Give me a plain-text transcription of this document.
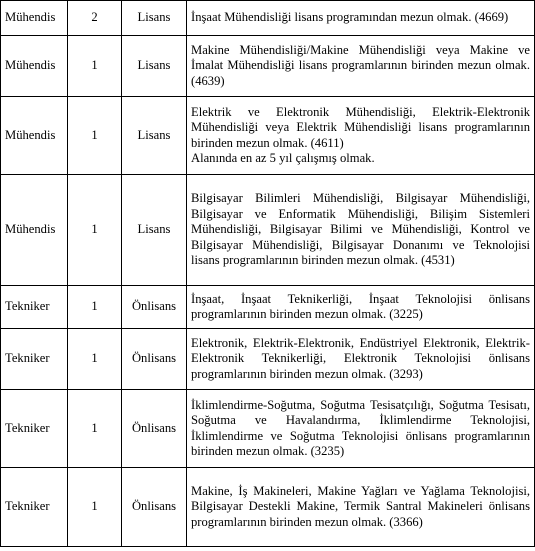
Mühendis	2	Lisans	İnşaat Mühendisliği lisans programından mezun olmak. (4669)

Mühendis	1	Lisans	Makine Mühendisliği/Makine Mühendisliği veya Makine ve İmalat Mühendisliği lisans programlarının birinden mezun olmak. (4639)

Mühendis	1	Lisans	Elektrik ve Elektronik Mühendisliği, Elektrik-Elektronik Mühendisliği veya Elektrik Mühendisliği lisans programlarının birinden mezun olmak. (4611)
Alanında en az 5 yıl çalışmış olmak.

Mühendis	1	Lisans	Bilgisayar Bilimleri Mühendisliği, Bilgisayar Mühendisliği, Bilgisayar ve Enformatik Mühendisliği, Bilişim Sistemleri Mühendisliği, Bilgisayar Bilimi ve Mühendisliği, Kontrol ve Bilgisayar Mühendisliği, Bilgisayar Donanımı ve Teknolojisi lisans programlarının birinden mezun olmak. (4531)

Tekniker	1	Önlisans	İnşaat, İnşaat Teknikerliği, İnşaat Teknolojisi önlisans programlarının birinden mezun olmak. (3225)

Tekniker	1	Önlisans	Elektronik, Elektrik-Elektronik, Endüstriyel Elektronik, Elektrik-Elektronik Teknikerliği, Elektronik Teknolojisi önlisans programlarının birinden mezun olmak. (3293)

Tekniker	1	Önlisans	İklimlendirme-Soğutma, Soğutma Tesisatçılığı, Soğutma Tesisatı, Soğutma ve Havalandırma, İklimlendirme Teknolojisi, İklimlendirme ve Soğutma Teknolojisi önlisans programlarının birinden mezun olmak. (3235)

Tekniker	1	Önlisans	Makine, İş Makineleri, Makine Yağları ve Yağlama Teknolojisi, Bilgisayar Destekli Makine, Termik Santral Makineleri önlisans programlarının birinden mezun olmak. (3366)
